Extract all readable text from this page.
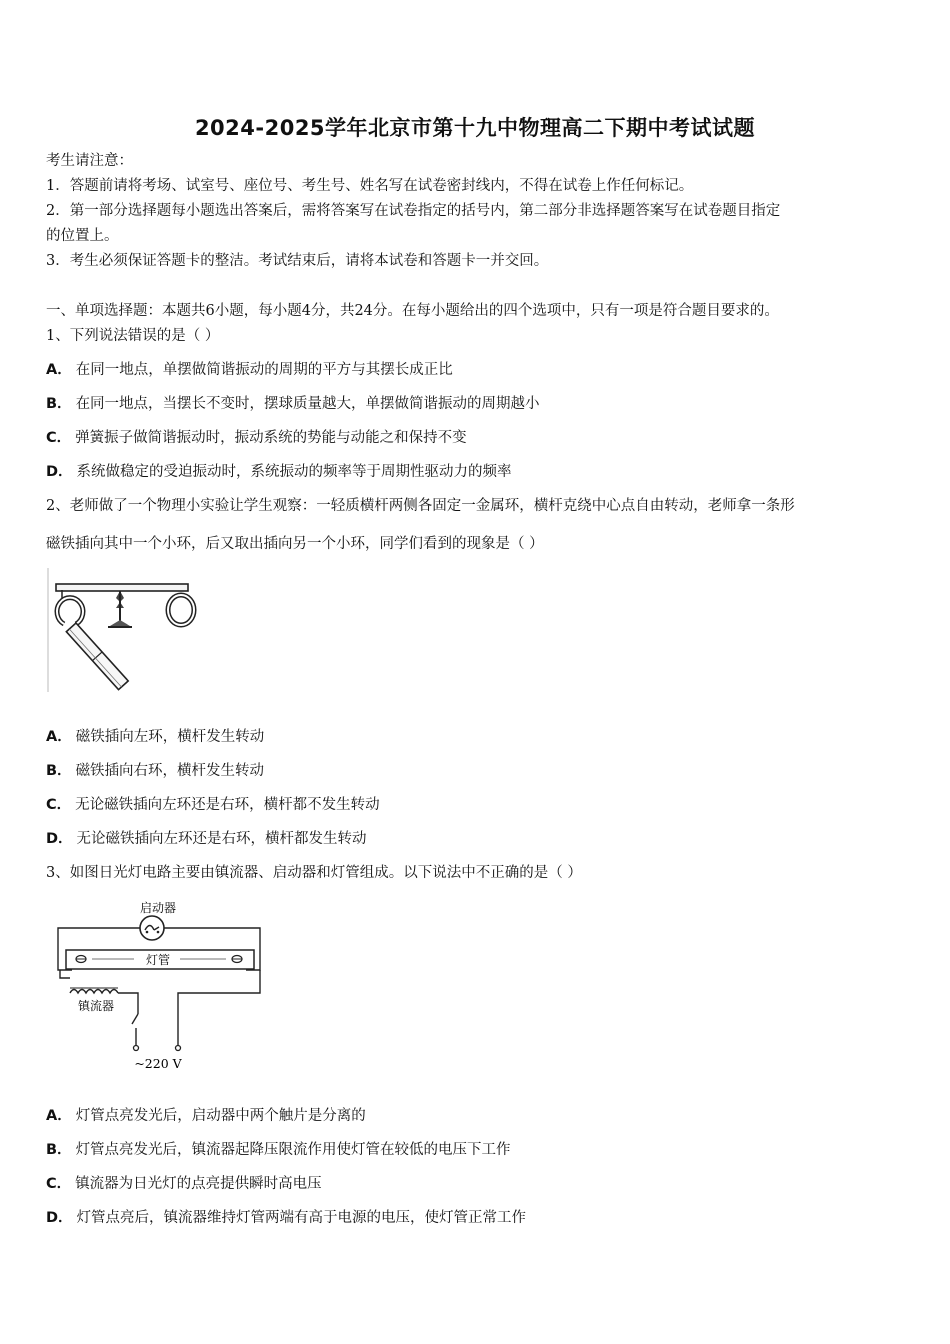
2024-2025学年北京市第十九中物理高二下期中考试试题
考生请注意：
1．答题前请将考场、试室号、座位号、考生号、姓名写在试卷密封线内，不得在试卷上作任何标记。
2．第一部分选择题每小题选出答案后，需将答案写在试卷指定的括号内，第二部分非选择题答案写在试卷题目指定
的位置上。
3．考生必须保证答题卡的整洁。考试结束后，请将本试卷和答题卡一并交回。
一、单项选择题：本题共6小题，每小题4分，共24分。在每小题给出的四个选项中，只有一项是符合题目要求的。
1、下列说法错误的是（ ）
A． 在同一地点，单摆做简谐振动的周期的平方与其摆长成正比
B． 在同一地点，当摆长不变时，摆球质量越大，单摆做简谐振动的周期越小
C． 弹簧振子做简谐振动时，振动系统的势能与动能之和保持不变
D． 系统做稳定的受迫振动时，系统振动的频率等于周期性驱动力的频率
2、老师做了一个物理小实验让学生观察：一轻质横杆两侧各固定一金属环，横杆克绕中心点自由转动，老师拿一条形
磁铁插向其中一个小环，后又取出插向另一个小环，同学们看到的现象是（ ）
A． 磁铁插向左环，横杆发生转动
B． 磁铁插向右环，横杆发生转动
C． 无论磁铁插向左环还是右环，横杆都不发生转动
D． 无论磁铁插向左环还是右环，横杆都发生转动
3、如图日光灯电路主要由镇流器、启动器和灯管组成。以下说法中不正确的是（ ）
启动器
灯管
镇流器
~220 V
A． 灯管点亮发光后，启动器中两个触片是分离的
B． 灯管点亮发光后，镇流器起降压限流作用使灯管在较低的电压下工作
C． 镇流器为日光灯的点亮提供瞬时高电压
D． 灯管点亮后，镇流器维持灯管两端有高于电源的电压，使灯管正常工作
